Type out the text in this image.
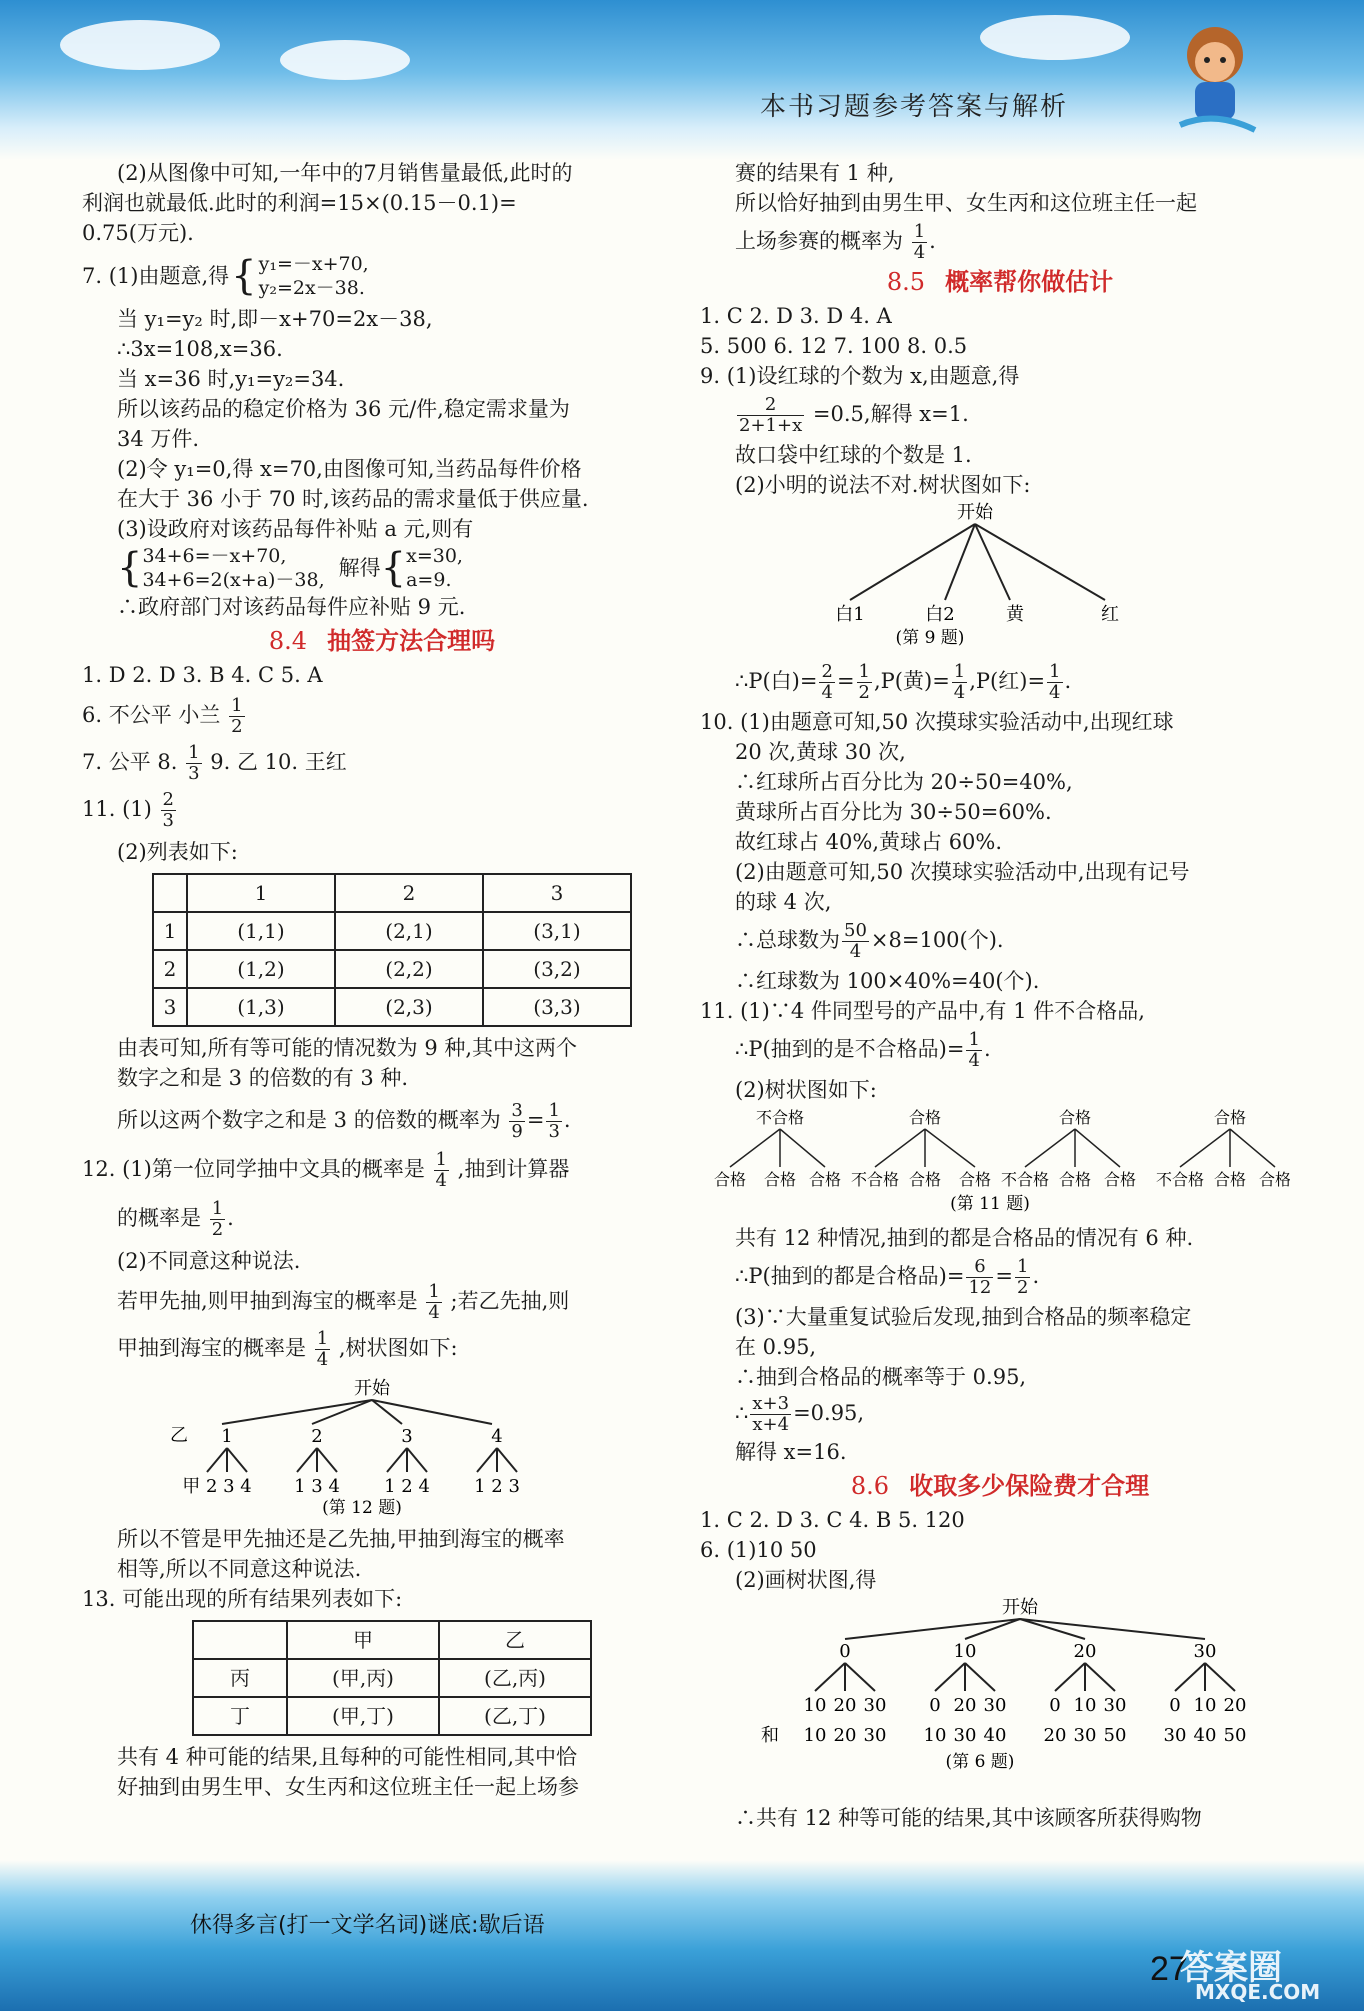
本书习题参考答案与解析
(2)从图像中可知,一年中的7月销售量最低,此时的
利润也就最低.此时的利润=15×(0.15－0.1)=
0.75(万元).
7. (1)由题意,得 { y₁=－x+70,
y₂=2x－38.
当 y₁=y₂ 时,即－x+70=2x－38,
∴3x=108,x=36.
当 x=36 时,y₁=y₂=34.
所以该药品的稳定价格为 36 元/件,稳定需求量为
34 万件.
(2)令 y₁=0,得 x=70,由图像可知,当药品每件价格
在大于 36 小于 70 时,该药品的需求量低于供应量.
(3)设政府对该药品每件补贴 a 元,则有
{ 34+6=－x+70,
34+6=2(x+a)－38, 解得 { x=30,
a=9.
∴政府部门对该药品每件应补贴 9 元.
8.4 抽签方法合理吗
1. D 2. D 3. B 4. C 5. A
6. 不公平 小兰 $\frac{1}{2}$
7. 公平 8. $\frac{1}{3} 9$. 乙 10. 王红
11. $(1) \frac{2}{3}$
(2)列表如下:
	1	2	3
1	(1,1)	(2,1)	(3,1)
2	(1,2)	(2,2)	(3,2)
3	(1,3)	(2,3)	(3,3)
由表可知,所有等可能的情况数为 9 种,其中这两个
数字之和是 3 的倍数的有 3 种.
所以这两个数字之和是 3 的倍数的概率为 $\frac{3}{9} = \frac{1}{3}$ .
12. (1)第一位同学抽中文具的概率是 $\frac{1}{4}$ ,抽到计算器
的概率是 $\frac{1}{2}$ .
(2)不同意这种说法.
若甲先抽,则甲抽到海宝的概率是 $\frac{1}{4}$ ;若乙先抽,则
甲抽到海宝的概率是 $\frac{1}{4}$ ,树状图如下:
开始
乙 1	2	3	4
甲 2 3 4 1 3 4 1 2 4 1 2 3
(第 12 题)
所以不管是甲先抽还是乙先抽,甲抽到海宝的概率
相等,所以不同意这种说法.
13. 可能出现的所有结果列表如下:
	甲	乙
丙	(甲,丙)	(乙,丙)
丁	(甲,丁)	(乙,丁)
共有 4 种可能的结果,且每种的可能性相同,其中恰
好抽到由男生甲、女生丙和这位班主任一起上场参
赛的结果有 1 种,
所以恰好抽到由男生甲、女生丙和这位班主任一起
上场参赛的概率为 $\frac{1}{4}$ .
8.5 概率帮你做估计
1. C 2. D 3. D 4. A
5. 500 6. 12 7. 100 8. 0.5
9. (1)设红球的个数为 x,由题意,得
$\frac{2}{2+1+x} =0.5$,解得 x=1.
故口袋中红球的个数是 1.
(2)小明的说法不对.树状图如下:
开始
白1	白2	黄	红
(第 9 题)
∴P(白)= $\frac{2}{4} = \frac{1}{2} ,P$(黄)= $\frac{1}{4} ,P$(红)= $\frac{1}{4}$ .
10. (1)由题意可知,50 次摸球实验活动中,出现红球
20 次,黄球 30 次,
∴红球所占百分比为 20÷50=40%,
黄球所占百分比为 30÷50=60%.
故红球占 40%,黄球占 60%.
(2)由题意可知,50 次摸球实验活动中,出现有记号
的球 4 次,
∴总球数为 $\frac{50}{4} \times 8=100$(个).
∴红球数为 100×40%=40(个).
11. (1)∵4 件同型号的产品中,有 1 件不合格品,
∴P(抽到的是不合格品)= $\frac{1}{4}$ .
(2)树状图如下:
不合格	合格	合格	合格
合格 合格 合格 不合格 合格 合格 不合格 合格 合格 不合格 合格 合格
(第 11 题)
共有 12 种情况,抽到的都是合格品的情况有 6 种.
∴P(抽到的都是合格品)= $\frac{6}{12} = \frac{1}{2}$ .
(3)∵大量重复试验后发现,抽到合格品的频率稳定
在 0.95,
∴抽到合格品的概率等于 0.95,
∴ $\frac{x+3}{x+4} =0.95$,
解得 x=16.
8.6 收取多少保险费才合理
1. C 2. D 3. C 4. B 5. 120
6. (1)10 50
(2)画树状图,得
开始
0	10	20	30
10 20 30 0 20 30 0 10 30 0 10 20
和 10 20 30 10 30 40 20 30 50 30 40 50
(第 6 题)
∴共有 12 种等可能的结果,其中该顾客所获得购物
休得多言(打一文学名词)谜底:歇后语
27
答案圈
MXQE.COM
